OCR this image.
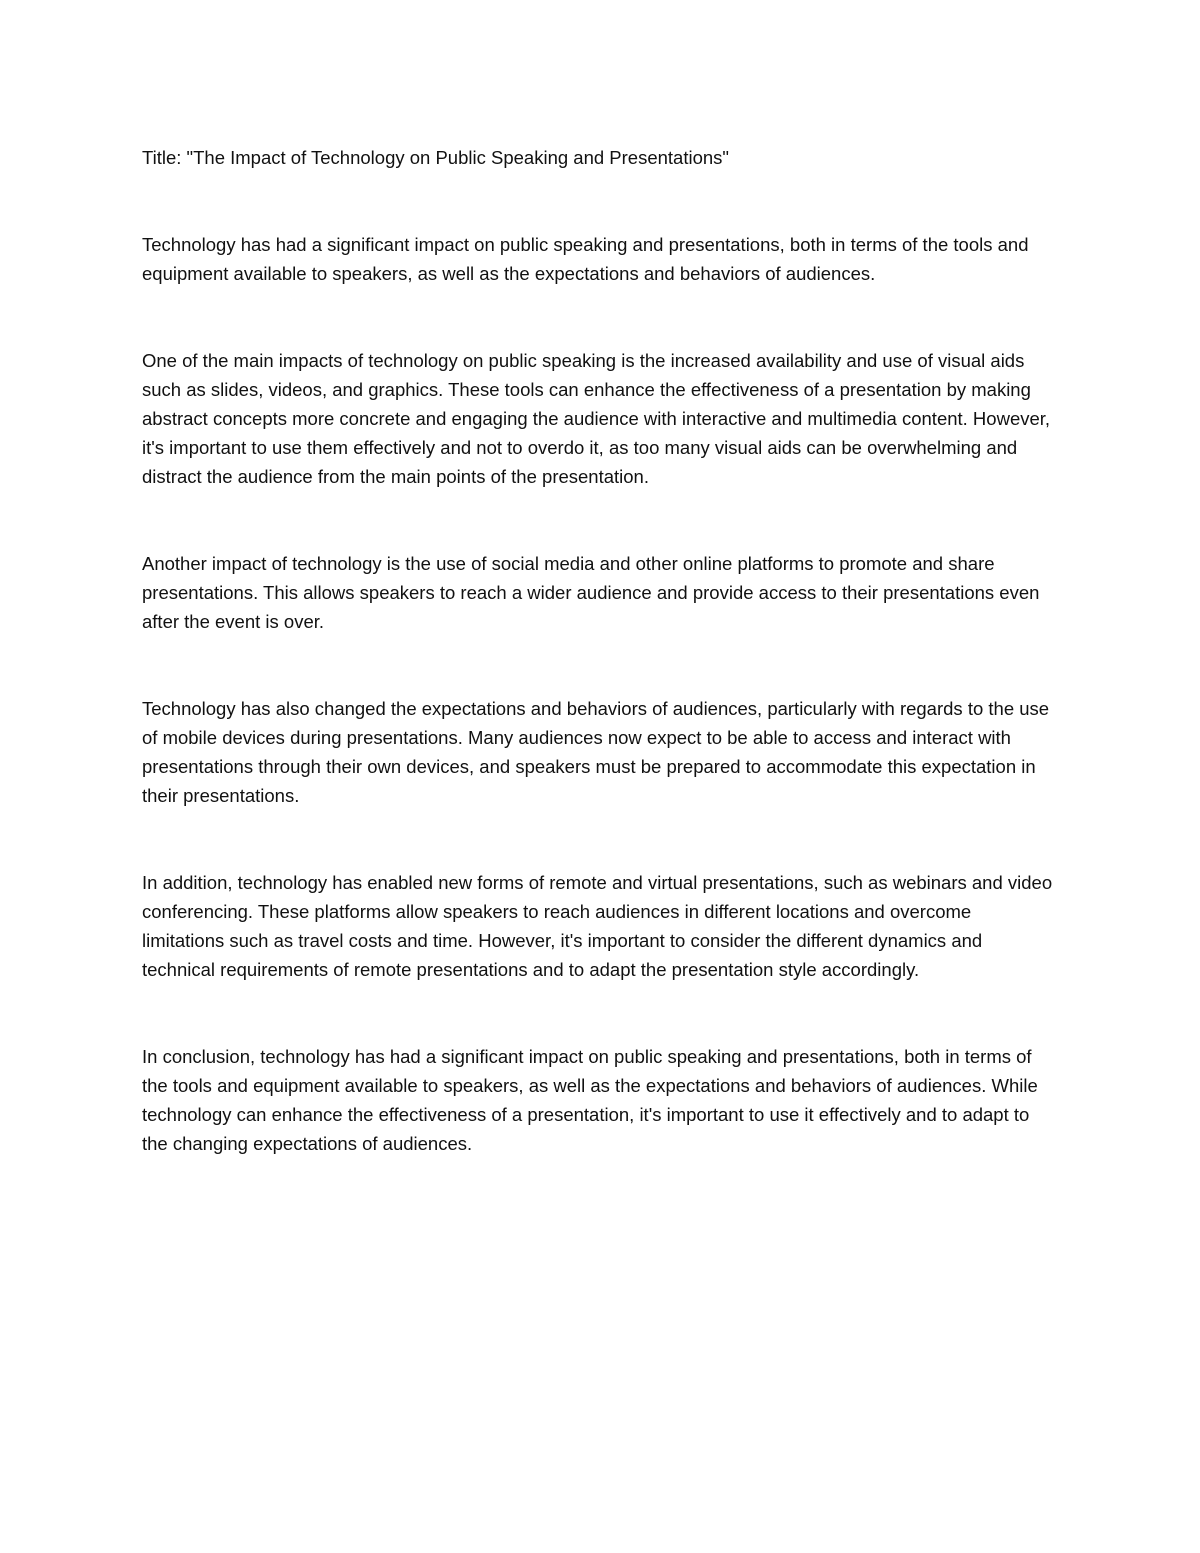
Title: "The Impact of Technology on Public Speaking and Presentations"

Technology has had a significant impact on public speaking and presentations, both in terms of the tools and equipment available to speakers, as well as the expectations and behaviors of audiences.

One of the main impacts of technology on public speaking is the increased availability and use of visual aids such as slides, videos, and graphics. These tools can enhance the effectiveness of a presentation by making abstract concepts more concrete and engaging the audience with interactive and multimedia content. However, it's important to use them effectively and not to overdo it, as too many visual aids can be overwhelming and distract the audience from the main points of the presentation.

Another impact of technology is the use of social media and other online platforms to promote and share presentations. This allows speakers to reach a wider audience and provide access to their presentations even after the event is over.

Technology has also changed the expectations and behaviors of audiences, particularly with regards to the use of mobile devices during presentations. Many audiences now expect to be able to access and interact with presentations through their own devices, and speakers must be prepared to accommodate this expectation in their presentations.

In addition, technology has enabled new forms of remote and virtual presentations, such as webinars and video conferencing. These platforms allow speakers to reach audiences in different locations and overcome limitations such as travel costs and time. However, it's important to consider the different dynamics and technical requirements of remote presentations and to adapt the presentation style accordingly.

In conclusion, technology has had a significant impact on public speaking and presentations, both in terms of the tools and equipment available to speakers, as well as the expectations and behaviors of audiences. While technology can enhance the effectiveness of a presentation, it's important to use it effectively and to adapt to the changing expectations of audiences.
